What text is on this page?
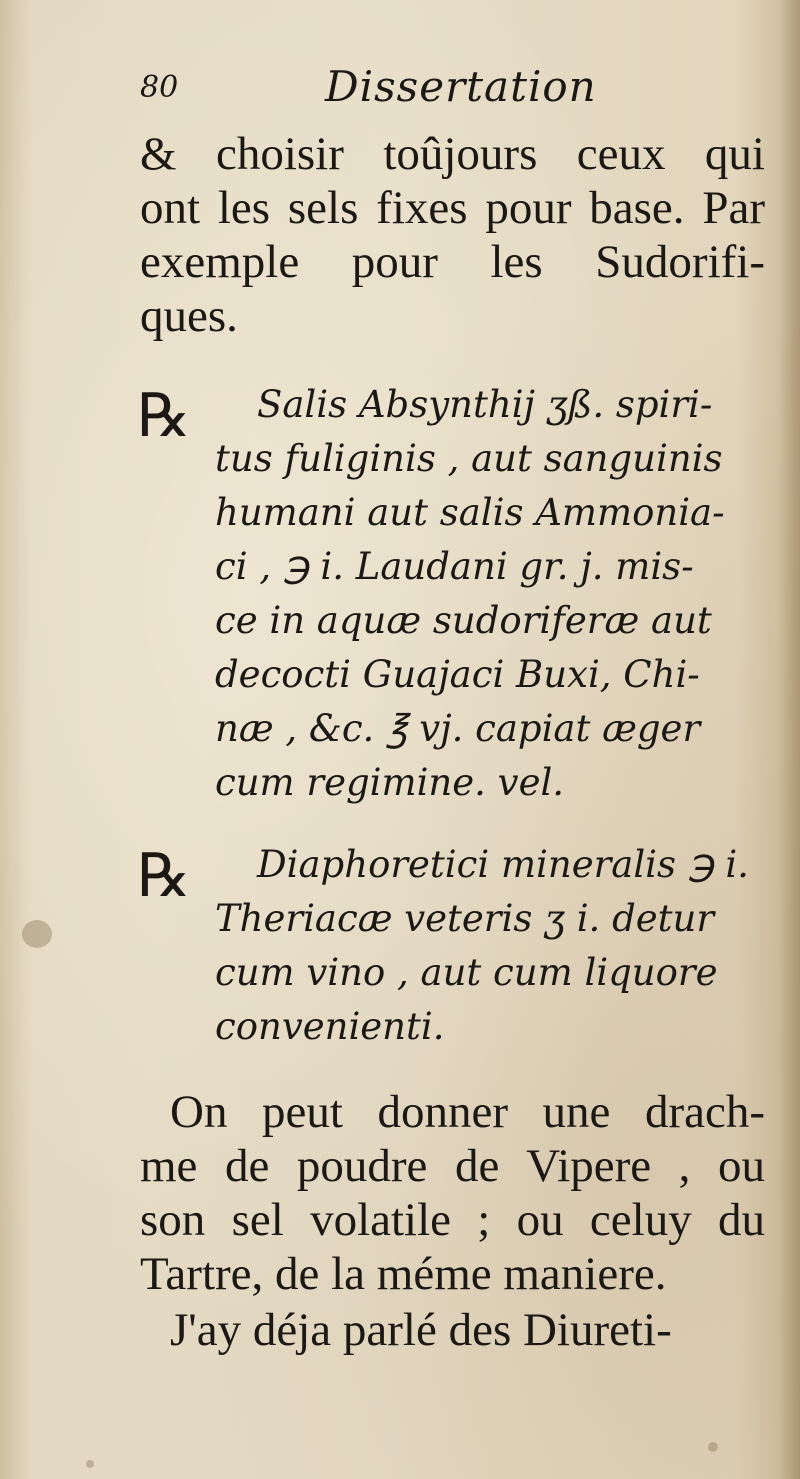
80	Dissertation

& choisir toûjours ceux qui
ont les sels fixes pour base. Par
exemple pour les Sudorifi-
ques.

℞	Salis Absynthij ʒß. spiri-
tus fuliginis , aut sanguinis
humani aut salis Ammonia-
ci , ℈ i. Laudani gr. j. mis-
ce in aquæ sudoriferæ aut
decocti Guajaci Buxi, Chi-
næ , &c. ℥ vj. capiat æger
cum regimine. vel.

℞	Diaphoretici mineralis ℈ i.
Theriacæ veteris ʒ i. detur
cum vino , aut cum liquore
convenienti.

On peut donner une drach-
me de poudre de Vipere , ou
son sel volatile ; ou celuy du
Tartre, de la méme maniere.

J'ay déja parlé des Diureti-
